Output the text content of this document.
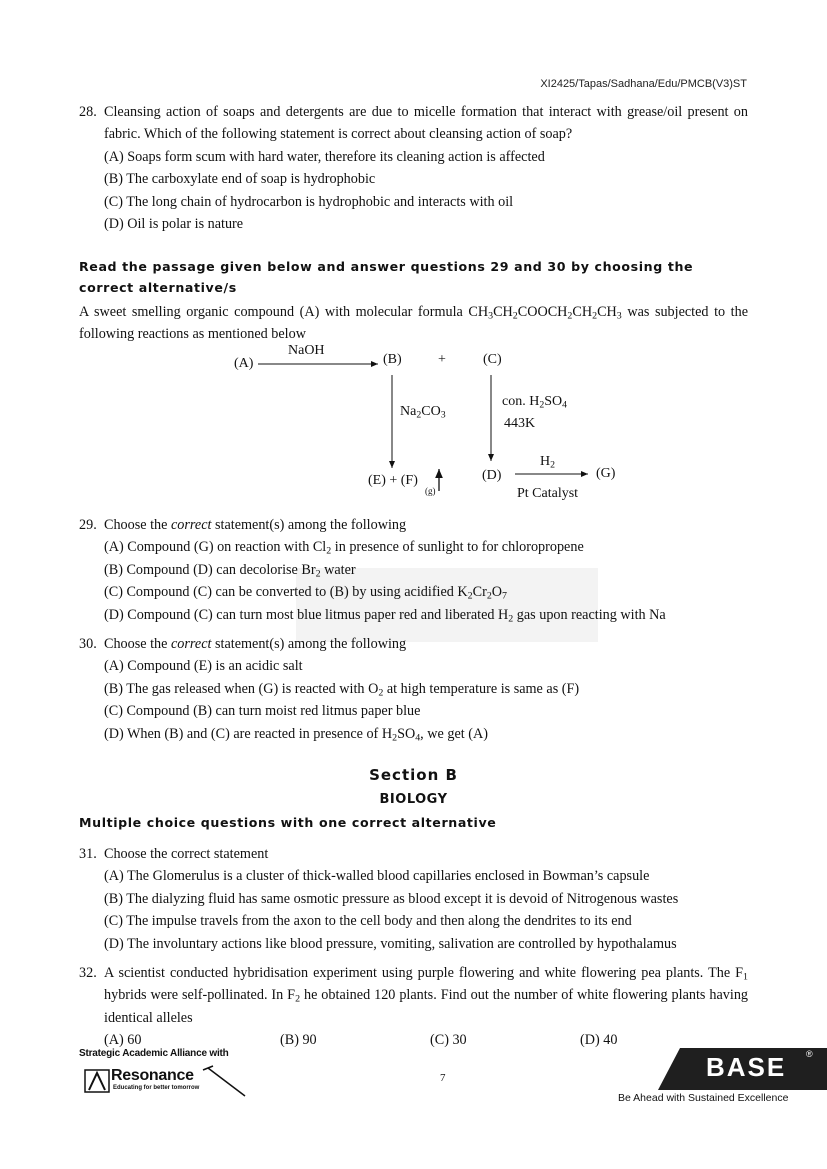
XI2425/Tapas/Sadhana/Edu/PMCB(V3)ST
28. Cleansing action of soaps and detergents are due to micelle formation that interact with grease/oil present on fabric. Which of the following statement is correct about cleansing action of soap?
(A) Soaps form scum with hard water, therefore its cleaning action is affected
(B) The carboxylate end of soap is hydrophobic
(C) The long chain of hydrocarbon is hydrophobic and interacts with oil
(D) Oil is polar is nature
Read the passage given below and answer questions 29 and 30 by choosing the correct alternative/s
A sweet smelling organic compound (A) with molecular formula $CH_3CH_2COOCH_2CH_2CH_3$ was subjected to the following reactions as mentioned below
(A)
NaOH
(B)	+	(C)
$Na_2CO_3$
con. $H_2SO_4$
443K
(E) + (F)
(g)
(D)
$H_2$
(G)
Pt Catalyst
29. Choose the correct statement(s) among the following
(A) Compound (G) on reaction with $Cl_2$ in presence of sunlight to for chloropropene
(B) Compound (D) can decolorise $Br_2$ water
(C) Compound (C) can be converted to (B) by using acidified $K_2Cr_2O_7$
(D) Compound (C) can turn most blue litmus paper red and liberated $H_2$ gas upon reacting with Na
30. Choose the correct statement(s) among the following
(A) Compound (E) is an acidic salt
(B) The gas released when (G) is reacted with $O_2$ at high temperature is same as (F)
(C) Compound (B) can turn moist red litmus paper blue
(D) When (B) and (C) are reacted in presence of $H_2SO_4$, we get (A)
Section B
BIOLOGY
Multiple choice questions with one correct alternative
31. Choose the correct statement
(A) The Glomerulus is a cluster of thick-walled blood capillaries enclosed in Bowman’s capsule
(B) The dialyzing fluid has same osmotic pressure as blood except it is devoid of Nitrogenous wastes
(C) The impulse travels from the axon to the cell body and then along the dendrites to its end
(D) The involuntary actions like blood pressure, vomiting, salivation are controlled by hypothalamus
32. A scientist conducted hybridisation experiment using purple flowering and white flowering pea plants. The $F_1$ hybrids were self-pollinated. In $F_2$ he obtained 120 plants. Find out the number of white flowering plants having identical alleles
(A) 60	(B) 90	(C) 30	(D) 40
Strategic Academic Alliance with
Resonance
Educating for better tomorrow
7	BASE ®
Be Ahead with Sustained Excellence
